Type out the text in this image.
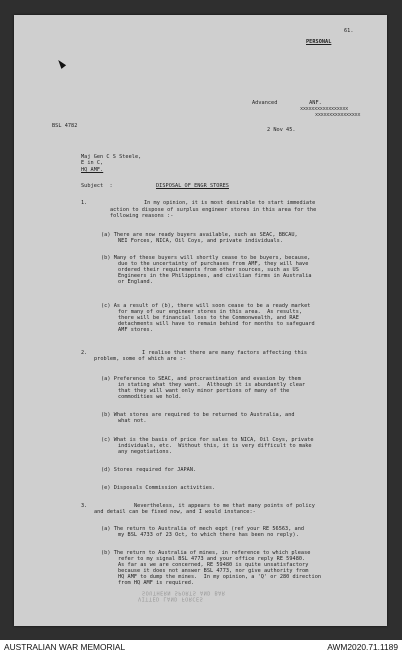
61.
PERSONAL
Advanced          ANF.
xxxxxxxxxxxxxxxxx
xxxxxxxxxxxxxxxx
BSL 4782
2 Nov 45.
Maj Gen C S Steele,
E in C,
HQ AMF.
Subject  :	DISPOSAL OF ENGR STORES
1.	In my opinion, it is most desirable to start immediate
action to dispose of surplus engineer stores in this area for the
following reasons :-
(a) There are now ready buyers available, such as SEAC, BBCAU,
NEI Forces, NICA, Oil Coys, and private individuals.
(b) Many of these buyers will shortly cease to be buyers, because,
due to the uncertainty of purchases from AMF, they will have
ordered their requirements from other sources, such as US
Engineers in the Philippines, and civilian firms in Australia
or England.
(c) As a result of (b), there will soon cease to be a ready market
for many of our engineer stores in this area.  As results,
there will be financial loss to the Commonwealth, and RAE
detachments will have to remain behind for months to safeguard
AMF stores.
2.	I realise that there are many factors affecting this
problem, some of which are :-
(a) Preference to SEAC, and procrastination and evasion by them
in stating what they want.  Although it is abundantly clear
that they will want only minor portions of many of the
commodities we hold.
(b) What stores are required to be returned to Australia, and
what not.
(c) What is the basis of price for sales to NICA, Oil Coys, private
individuals, etc.  Without this, it is very difficult to make
any negotiations.
(d) Stores required for JAPAN.
(e) Disposals Commission activities.
3.	Nevertheless, it appears to me that many points of policy
and detail can be fixed now, and I would instance:-
(a) The return to Australia of mech eqpt (ref your RE 56563, and
my BSL 4733 of 23 Oct, to which there has been no reply).
(b) The return to Australia of mines, in reference to which please
refer to my signal BSL 4773 and your office reply RE 59480.
As far as we are concerned, RE 59480 is quite unsatisfactory
because it does not answer BSL 4773, nor give authority from
HQ AMF to dump the mines.  In my opinion, a 'Q' or 280 direction
from HQ AMF is required.
SOUTHERN SPORTS AND BAR
VITTED LAND FORCES
AUSTRALIAN WAR MEMORIAL	AWM2020.71.1189
